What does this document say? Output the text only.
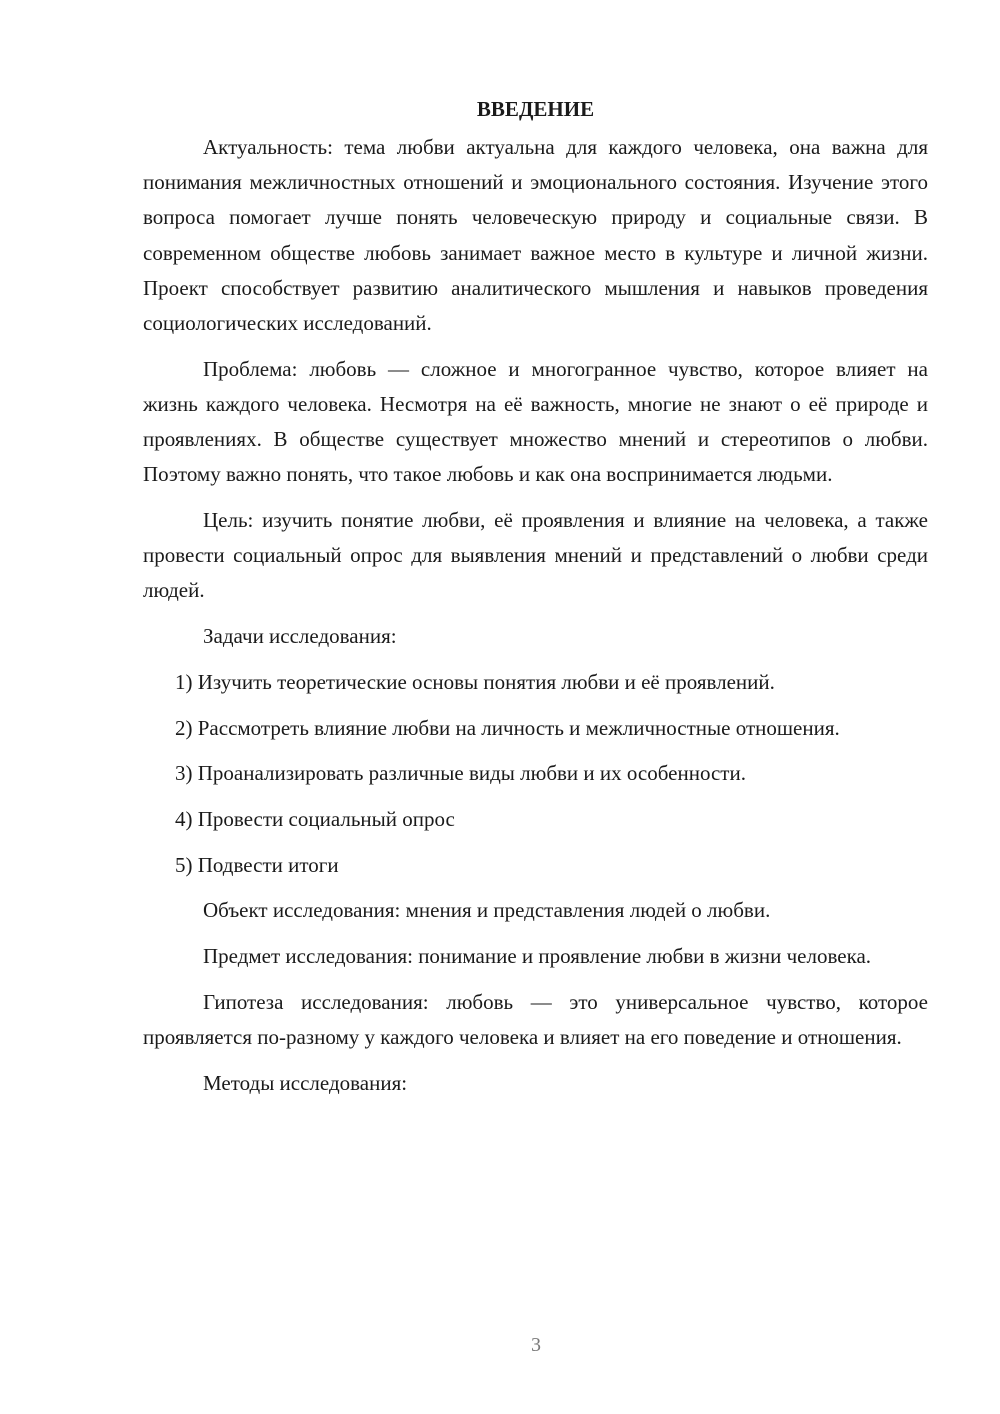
ВВЕДЕНИЕ

Актуальность: тема любви актуальна для каждого человека, она важна для понимания межличностных отношений и эмоционального состояния. Изучение этого вопроса помогает лучше понять человеческую природу и социальные связи. В современном обществе любовь занимает важное место в культуре и личной жизни. Проект способствует развитию аналитического мышления и навыков проведения социологических исследований.

Проблема: любовь — сложное и многогранное чувство, которое влияет на жизнь каждого человека. Несмотря на её важность, многие не знают о её природе и проявлениях. В обществе существует множество мнений и стереотипов о любви. Поэтому важно понять, что такое любовь и как она воспринимается людьми.

Цель: изучить понятие любви, её проявления и влияние на человека, а также провести социальный опрос для выявления мнений и представлений о любви среди людей.

Задачи исследования:

1) Изучить теоретические основы понятия любви и её проявлений.

2) Рассмотреть влияние любви на личность и межличностные отношения.

3) Проанализировать различные виды любви и их особенности.

4) Провести социальный опрос

5) Подвести итоги

Объект исследования: мнения и представления людей о любви.

Предмет исследования: понимание и проявление любви в жизни человека.

Гипотеза исследования: любовь — это универсальное чувство, которое проявляется по-разному у каждого человека и влияет на его поведение и отношения.

Методы исследования:

3
